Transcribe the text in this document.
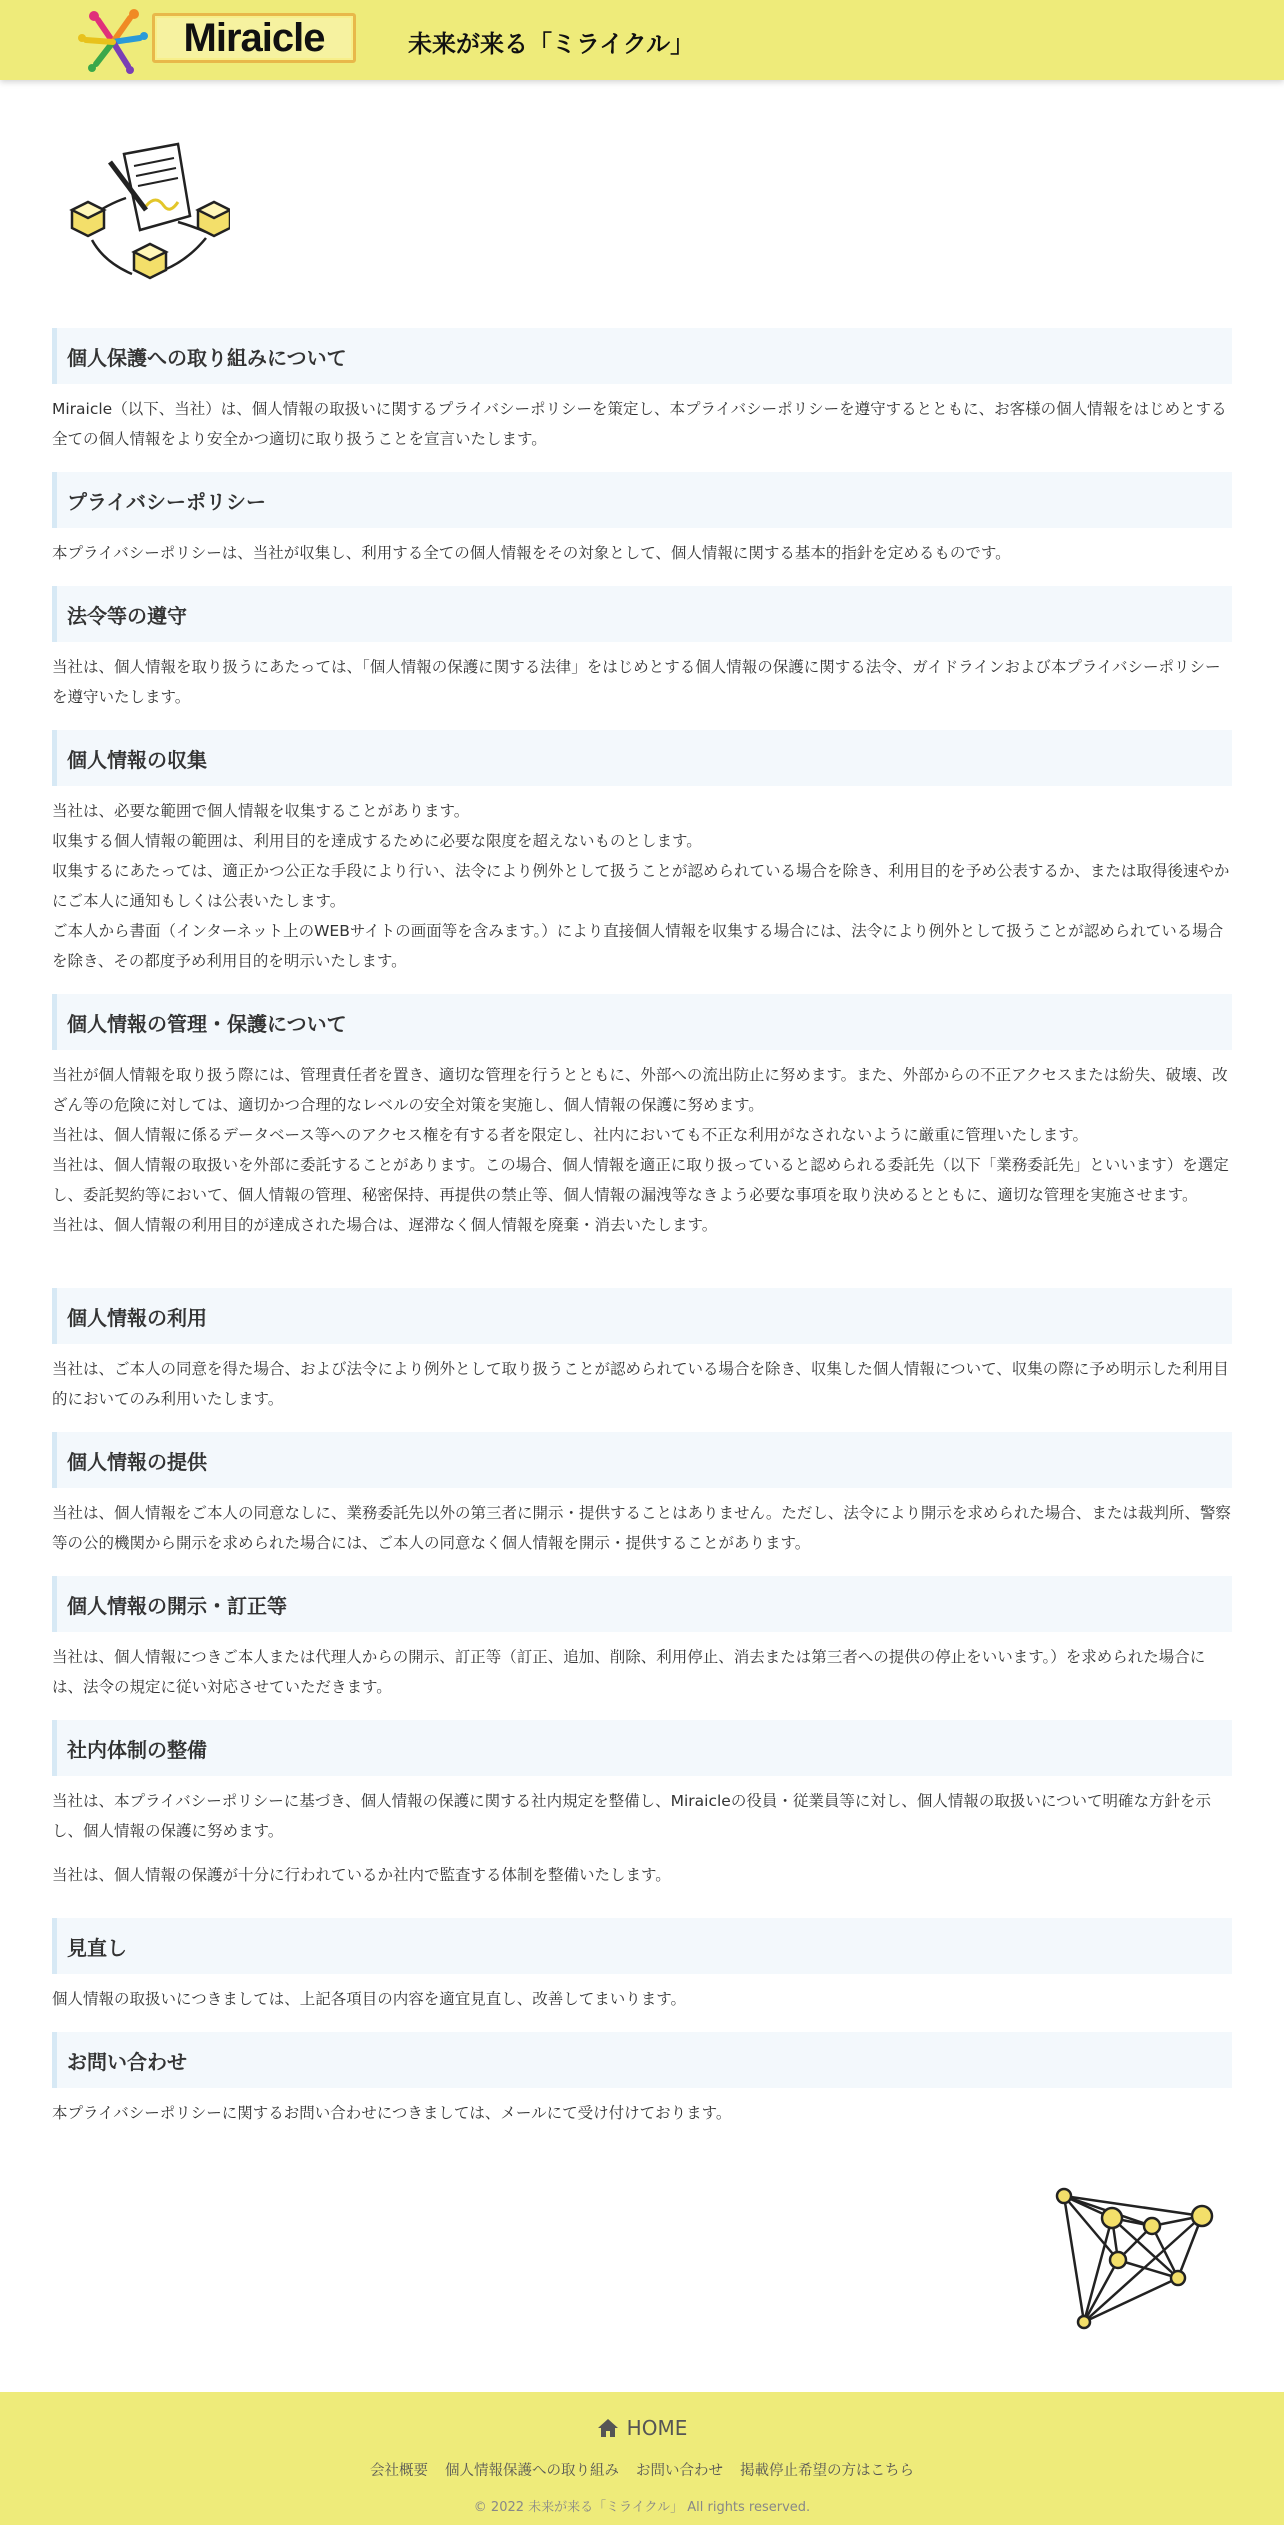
Miraicle	未来が来る「ミライクル」
個人保護への取り組みについて

Miraicle（以下、当社）は、個人情報の取扱いに関するプライバシーポリシーを策定し、本プライバシーポリシーを遵守するとともに、お客様の個人情報をはじめとする全ての個人情報をより安全かつ適切に取り扱うことを宣言いたします。

プライバシーポリシー

本プライバシーポリシーは、当社が収集し、利用する全ての個人情報をその対象として、個人情報に関する基本的指針を定めるものです。

法令等の遵守

当社は、個人情報を取り扱うにあたっては、「個人情報の保護に関する法律」をはじめとする個人情報の保護に関する法令、ガイドラインおよび本プライバシーポリシーを遵守いたします。

個人情報の収集

当社は、必要な範囲で個人情報を収集することがあります。

収集する個人情報の範囲は、利用目的を達成するために必要な限度を超えないものとします。

収集するにあたっては、適正かつ公正な手段により行い、法令により例外として扱うことが認められている場合を除き、利用目的を予め公表するか、または取得後速やかにご本人に通知もしくは公表いたします。

ご本人から書面（インターネット上のWEBサイトの画面等を含みます。）により直接個人情報を収集する場合には、法令により例外として扱うことが認められている場合を除き、その都度予め利用目的を明示いたします。

個人情報の管理・保護について

当社が個人情報を取り扱う際には、管理責任者を置き、適切な管理を行うとともに、外部への流出防止に努めます。また、外部からの不正アクセスまたは紛失、破壊、改ざん等の危険に対しては、適切かつ合理的なレベルの安全対策を実施し、個人情報の保護に努めます。

当社は、個人情報に係るデータベース等へのアクセス権を有する者を限定し、社内においても不正な利用がなされないように厳重に管理いたします。

当社は、個人情報の取扱いを外部に委託することがあります。この場合、個人情報を適正に取り扱っていると認められる委託先（以下「業務委託先」といいます）を選定し、委託契約等において、個人情報の管理、秘密保持、再提供の禁止等、個人情報の漏洩等なきよう必要な事項を取り決めるとともに、適切な管理を実施させます。

当社は、個人情報の利用目的が達成された場合は、遅滞なく個人情報を廃棄・消去いたします。

個人情報の利用

当社は、ご本人の同意を得た場合、および法令により例外として取り扱うことが認められている場合を除き、収集した個人情報について、収集の際に予め明示した利用目的においてのみ利用いたします。

個人情報の提供

当社は、個人情報をご本人の同意なしに、業務委託先以外の第三者に開示・提供することはありません。ただし、法令により開示を求められた場合、または裁判所、警察等の公的機関から開示を求められた場合には、ご本人の同意なく個人情報を開示・提供することがあります。

個人情報の開示・訂正等

当社は、個人情報につきご本人または代理人からの開示、訂正等（訂正、追加、削除、利用停止、消去または第三者への提供の停止をいいます。）を求められた場合には、法令の規定に従い対応させていただきます。

社内体制の整備

当社は、本プライバシーポリシーに基づき、個人情報の保護に関する社内規定を整備し、Miraicleの役員・従業員等に対し、個人情報の取扱いについて明確な方針を示し、個人情報の保護に努めます。

当社は、個人情報の保護が十分に行われているか社内で監査する体制を整備いたします。

見直し

個人情報の取扱いにつきましては、上記各項目の内容を適宜見直し、改善してまいります。

お問い合わせ

本プライバシーポリシーに関するお問い合わせにつきましては、メールにて受け付けております。

HOME
会社概要 個人情報保護への取り組み お問い合わせ 掲載停止希望の方はこちら
© 2022 未来が来る「ミライクル」 All rights reserved.
